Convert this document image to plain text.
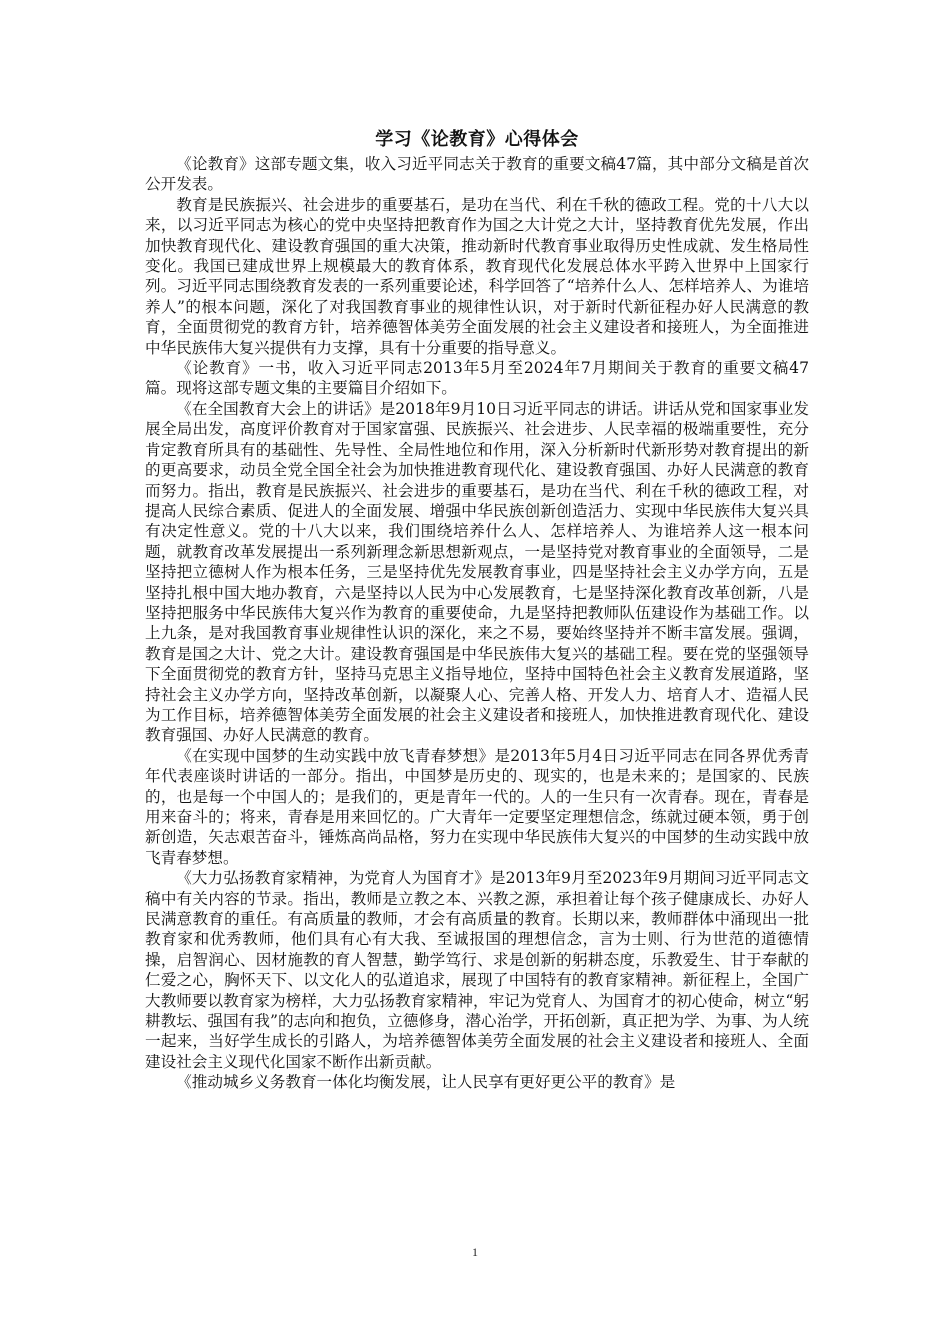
学习《论教育》心得体会

《论教育》这部专题文集，收入习近平同志关于教育的重要文稿47篇，其中部分文稿是首次公开发表。

教育是民族振兴、社会进步的重要基石，是功在当代、利在千秋的德政工程。党的十八大以来，以习近平同志为核心的党中央坚持把教育作为国之大计党之大计，坚持教育优先发展，作出加快教育现代化、建设教育强国的重大决策，推动新时代教育事业取得历史性成就、发生格局性变化。我国已建成世界上规模最大的教育体系，教育现代化发展总体水平跨入世界中上国家行列。习近平同志围绕教育发表的一系列重要论述，科学回答了“培养什么人、怎样培养人、为谁培养人”的根本问题，深化了对我国教育事业的规律性认识，对于新时代新征程办好人民满意的教育，全面贯彻党的教育方针，培养德智体美劳全面发展的社会主义建设者和接班人，为全面推进中华民族伟大复兴提供有力支撑，具有十分重要的指导意义。

《论教育》一书，收入习近平同志2013年5月至2024年7月期间关于教育的重要文稿47篇。现将这部专题文集的主要篇目介绍如下。

《在全国教育大会上的讲话》是2018年9月10日习近平同志的讲话。讲话从党和国家事业发展全局出发，高度评价教育对于国家富强、民族振兴、社会进步、人民幸福的极端重要性，充分肯定教育所具有的基础性、先导性、全局性地位和作用，深入分析新时代新形势对教育提出的新的更高要求，动员全党全国全社会为加快推进教育现代化、建设教育强国、办好人民满意的教育而努力。指出，教育是民族振兴、社会进步的重要基石，是功在当代、利在千秋的德政工程，对提高人民综合素质、促进人的全面发展、增强中华民族创新创造活力、实现中华民族伟大复兴具有决定性意义。党的十八大以来，我们围绕培养什么人、怎样培养人、为谁培养人这一根本问题，就教育改革发展提出一系列新理念新思想新观点，一是坚持党对教育事业的全面领导，二是坚持把立德树人作为根本任务，三是坚持优先发展教育事业，四是坚持社会主义办学方向，五是坚持扎根中国大地办教育，六是坚持以人民为中心发展教育，七是坚持深化教育改革创新，八是坚持把服务中华民族伟大复兴作为教育的重要使命，九是坚持把教师队伍建设作为基础工作。以上九条，是对我国教育事业规律性认识的深化，来之不易，要始终坚持并不断丰富发展。强调，教育是国之大计、党之大计。建设教育强国是中华民族伟大复兴的基础工程。要在党的坚强领导下全面贯彻党的教育方针，坚持马克思主义指导地位，坚持中国特色社会主义教育发展道路，坚持社会主义办学方向，坚持改革创新，以凝聚人心、完善人格、开发人力、培育人才、造福人民为工作目标，培养德智体美劳全面发展的社会主义建设者和接班人，加快推进教育现代化、建设教育强国、办好人民满意的教育。

《在实现中国梦的生动实践中放飞青春梦想》是2013年5月4日习近平同志在同各界优秀青年代表座谈时讲话的一部分。指出，中国梦是历史的、现实的，也是未来的；是国家的、民族的，也是每一个中国人的；是我们的，更是青年一代的。人的一生只有一次青春。现在，青春是用来奋斗的；将来，青春是用来回忆的。广大青年一定要坚定理想信念，练就过硬本领，勇于创新创造，矢志艰苦奋斗，锤炼高尚品格，努力在实现中华民族伟大复兴的中国梦的生动实践中放飞青春梦想。

《大力弘扬教育家精神，为党育人为国育才》是2013年9月至2023年9月期间习近平同志文稿中有关内容的节录。指出，教师是立教之本、兴教之源，承担着让每个孩子健康成长、办好人民满意教育的重任。有高质量的教师，才会有高质量的教育。长期以来，教师群体中涌现出一批教育家和优秀教师，他们具有心有大我、至诚报国的理想信念，言为士则、行为世范的道德情操，启智润心、因材施教的育人智慧，勤学笃行、求是创新的躬耕态度，乐教爱生、甘于奉献的仁爱之心，胸怀天下、以文化人的弘道追求，展现了中国特有的教育家精神。新征程上，全国广大教师要以教育家为榜样，大力弘扬教育家精神，牢记为党育人、为国育才的初心使命，树立“躬耕教坛、强国有我”的志向和抱负，立德修身，潜心治学，开拓创新，真正把为学、为事、为人统一起来，当好学生成长的引路人，为培养德智体美劳全面发展的社会主义建设者和接班人、全面建设社会主义现代化国家不断作出新贡献。

《推动城乡义务教育一体化均衡发展，让人民享有更好更公平的教育》是

1
